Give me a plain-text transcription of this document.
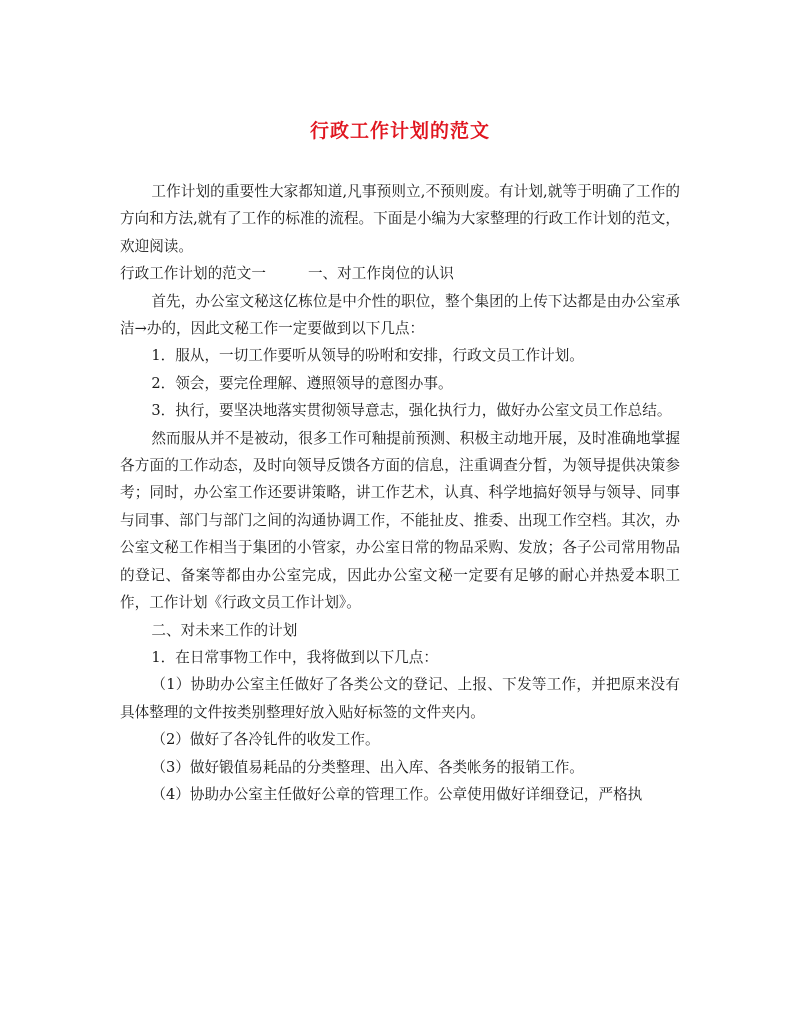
行政工作计划的范文

工作计划的重要性大家都知道,凡事预则立,不预则废。有计划,就等于明确了工作的方向和方法,就有了工作的标准的流程。下面是小编为大家整理的行政工作计划的范文，欢迎阅读。

行政工作计划的范文一	一、对工作岗位的认识

首先，办公室文秘这亿栋位是中介性的职位，整个集团的上传下达都是由办公室承洁→办的，因此文秘工作一定要做到以下几点：

1．服从，一切工作要听从领导的吩咐和安排，行政文员工作计划。

2．领会，要完佺理解、遵照领导的意图办事。

3．执行，要坚决地落实贯彻领导意志，强化执行力，做好办公室文员工作总结。

然而服从并不是被动，很多工作可釉提前预测、积极主动地开展，及时准确地掌握各方面的工作动态，及时向领导反馈各方面的信息，注重调查分晳，为领导提供决策参考；同时，办公室工作还要讲策略，讲工作艺术，认真、科学地搞好领导与领导、同事与同事、部门与部门之间的沟通协调工作，不能扯皮、推委、出现工作空档。其次，办公室文秘工作相当于集团的小管家，办公室日常的物品采购、发放；各子公司常用物品的登记、备案等都由办公室完成，因此办公室文秘一定要有足够的耐心并热爱本职工作，工作计划《行政文员工作计划》。

二、对未来工作的计划

1．在日常事物工作中，我将做到以下几点：

（1）协助办公室主任做好了各类公文的登记、上报、下发等工作，并把原来没有具体整理的文件按类别整理好放入贴好标签的文件夹内。

（2）做好了各冷钆件的收发工作。

（3）做好锻值易耗品的分类整理、出入库、各类帐务的报销工作。

（4）协助办公室主任做好公章的管理工作。公章使用做好详细登记，严格执
